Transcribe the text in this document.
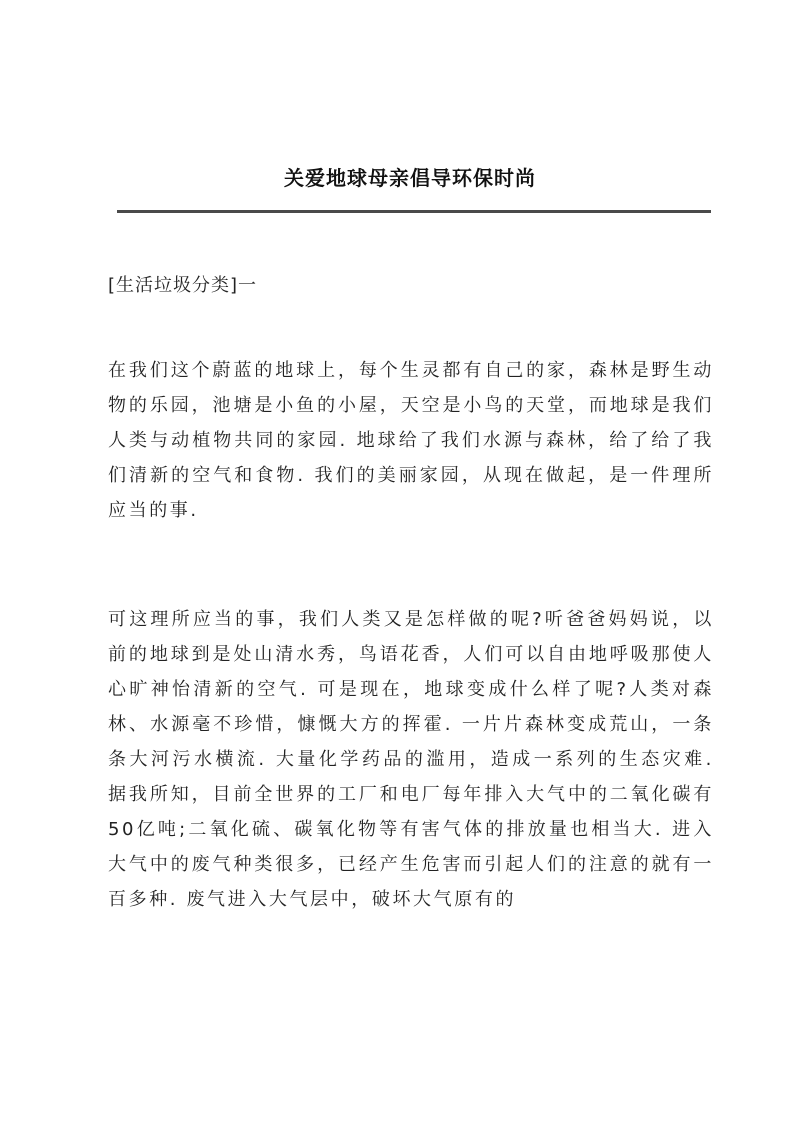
关爱地球母亲倡导环保时尚
[生活垃圾分类]一

在我们这个蔚蓝的地球上，每个生灵都有自己的家，森林是野生动物的乐园，池塘是小鱼的小屋，天空是小鸟的天堂，而地球是我们人类与动植物共同的家园. 地球给了我们水源与森林，给了给了我们清新的空气和食物. 我们的美丽家园，从现在做起，是一件理所应当的事.

可这理所应当的事，我们人类又是怎样做的呢?听爸爸妈妈说，以前的地球到是处山清水秀，鸟语花香，人们可以自由地呼吸那使人心旷神怡清新的空气. 可是现在，地球变成什么样了呢?人类对森林、水源毫不珍惜，慷慨大方的挥霍. 一片片森林变成荒山，一条条大河污水横流. 大量化学药品的滥用，造成一系列的生态灾难. 据我所知，目前全世界的工厂和电厂每年排入大气中的二氧化碳有50亿吨;二氧化硫、碳氧化物等有害气体的排放量也相当大. 进入大气中的废气种类很多，已经产生危害而引起人们的注意的就有一百多种. 废气进入大气层中，破坏大气原有的
